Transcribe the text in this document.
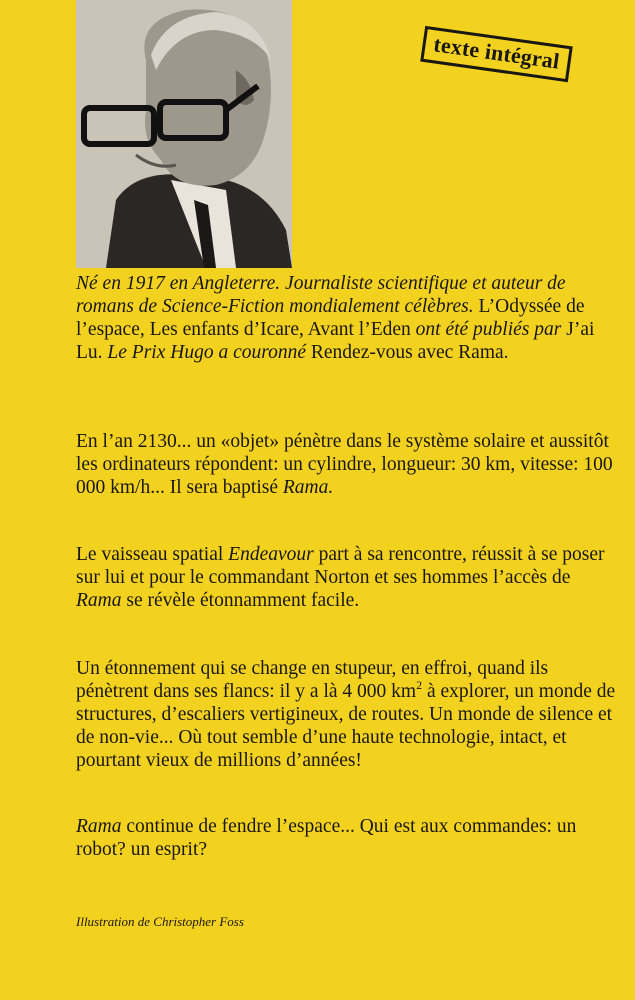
texte intégral

Né en 1917 en Angleterre. Journaliste scientifique et auteur de romans de Science-Fiction mondialement célèbres. L’Odyssée de l’espace, Les enfants d’Icare, Avant l’Eden ont été publiés par J’ai Lu. Le Prix Hugo a couronné Rendez-vous avec Rama.

En l’an 2130... un «objet» pénètre dans le système solaire et aussitôt les ordinateurs répondent: un cylindre, longueur: 30 km, vitesse: 100 000 km/h... Il sera baptisé Rama.

Le vaisseau spatial Endeavour part à sa rencontre, réussit à se poser sur lui et pour le commandant Norton et ses hommes l’accès de Rama se révèle étonnamment facile.

Un étonnement qui se change en stupeur, en effroi, quand ils pénètrent dans ses flancs: il y a là 4 000 $km^2$ à explorer, un monde de structures, d’escaliers vertigineux, de routes. Un monde de silence et de non-vie... Où tout semble d’une haute technologie, intact, et pourtant vieux de millions d’années!

Rama continue de fendre l’espace... Qui est aux commandes: un robot? un esprit?

Illustration de Christopher Foss
